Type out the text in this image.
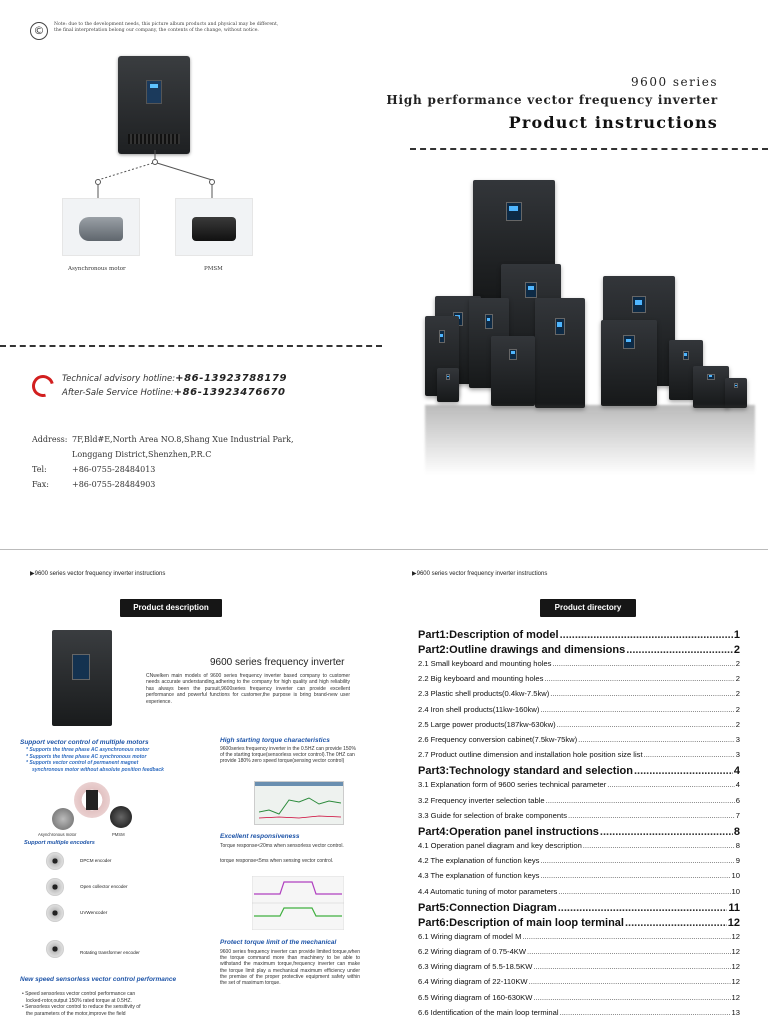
©	Note: due to the development needs, this picture album products and physical may be different, the final interpretation belong our company, the contents of the change, without notice.
Asynchronous motor	PMSM
9600 series
High performance vector frequency inverter
Product instructions
Technical advisory hotline:+86-13923788179
After-Sale Service Hotline:+86-13923476670
Address: 7F,Bld#E,North Area NO.8,Shang Xue Industrial Park,
Longgang District,Shenzhen,P.R.C
Tel:	+86-0755-28484013
Fax:	+86-0755-28484903
▶9600 series vector frequency inverter instructions
Product description
9600 series frequency inverter
CNwelken main models of 9600 series frequency inverter based company to customer needs accurate understanding,adhering to the company for high quality and high reliability has always been the pursuit,9600series frequency inverter can provide excellent performance and powerful functions for customer,the purpose is bring brand-new user experience.
Support vector control of multiple motors
* Supports the three phase AC asynchronous motor
* Supports the three phase AC synchronous motor
* Supports vector control of permanent magnet
synchronous motor without absolute position feedback
Asynchronous motor	PMSM
Support multiple encoders
DPCM encoder
Open collector encoder
UVWencoder
Rotating transformer encoder
New speed sensorless vector control performance
• Speed sensorless vector control performance can
locked-rotor,output 150% rated torque at 0.5HZ.
• Sensorless vector control to reduce the sensitivity of
the parameters of the motor,improve the field
High starting torque characteristics
9600series frequency inverter in the 0.5HZ can provide 150% of the starting torque(sensorless vector control).The 0HZ can provide 180% zero speed torque(sensing vector control)
Excellent responsiveness
Torque response<20ms when sensorless vector control.
torque response<5ms when sensing vector control.
Protect torque limit of the mechanical
9600 series frequency inverter can provide limited torque,when the torque command more than machinery to be able to withstand the maximum torque,frequency inverter can make the torque limit play a mechanical maximum efficiency under the premise of the proper protective equipment safety within the set of maximum torque.
▶9600 series vector frequency inverter instructions
Product directory
Part1:Description of model .....	1
Part2:Outline drawings and dimensions .....	2
2.1 Small keyboard and mounting holes .....	2
2.2 Big keyboard and mounting holes .....	2
2.3 Plastic shell products(0.4kw-7.5kw) .....	2
2.4 Iron shell products(11kw-160kw) .....	2
2.5 Large power products(187kw-630kw) .....	2
2.6 Frequency conversion cabinet(7.5kw-75kw) .....	3
2.7 Product outline dimension and installation hole position size list .....	3
Part3:Technology standard and selection .....	4
3.1 Explanation form of 9600 series technical parameter .....	4
3.2 Frequency inverter selection table .....	6
3.3 Guide for selection of brake components .....	7
Part4:Operation panel instructions .....	8
4.1 Operation panel diagram and key description .....	8
4.2 The explanation of function keys .....	9
4.3 The explanation of function keys .....	10
4.4 Automatic tuning of motor parameters .....	10
Part5:Connection Diagram .....	11
Part6:Description of main loop terminal .....	12
6.1 Wiring diagram of model M .....	12
6.2 Wiring diagram of 0.75-4KW .....	12
6.3 Wiring diagram of 5.5-18.5KW .....	12
6.4 Wiring diagram of 22-110KW .....	12
6.5 Wiring diagram of 160-630KW .....	12
6.6 Identification of the main loop terminal .....	13
